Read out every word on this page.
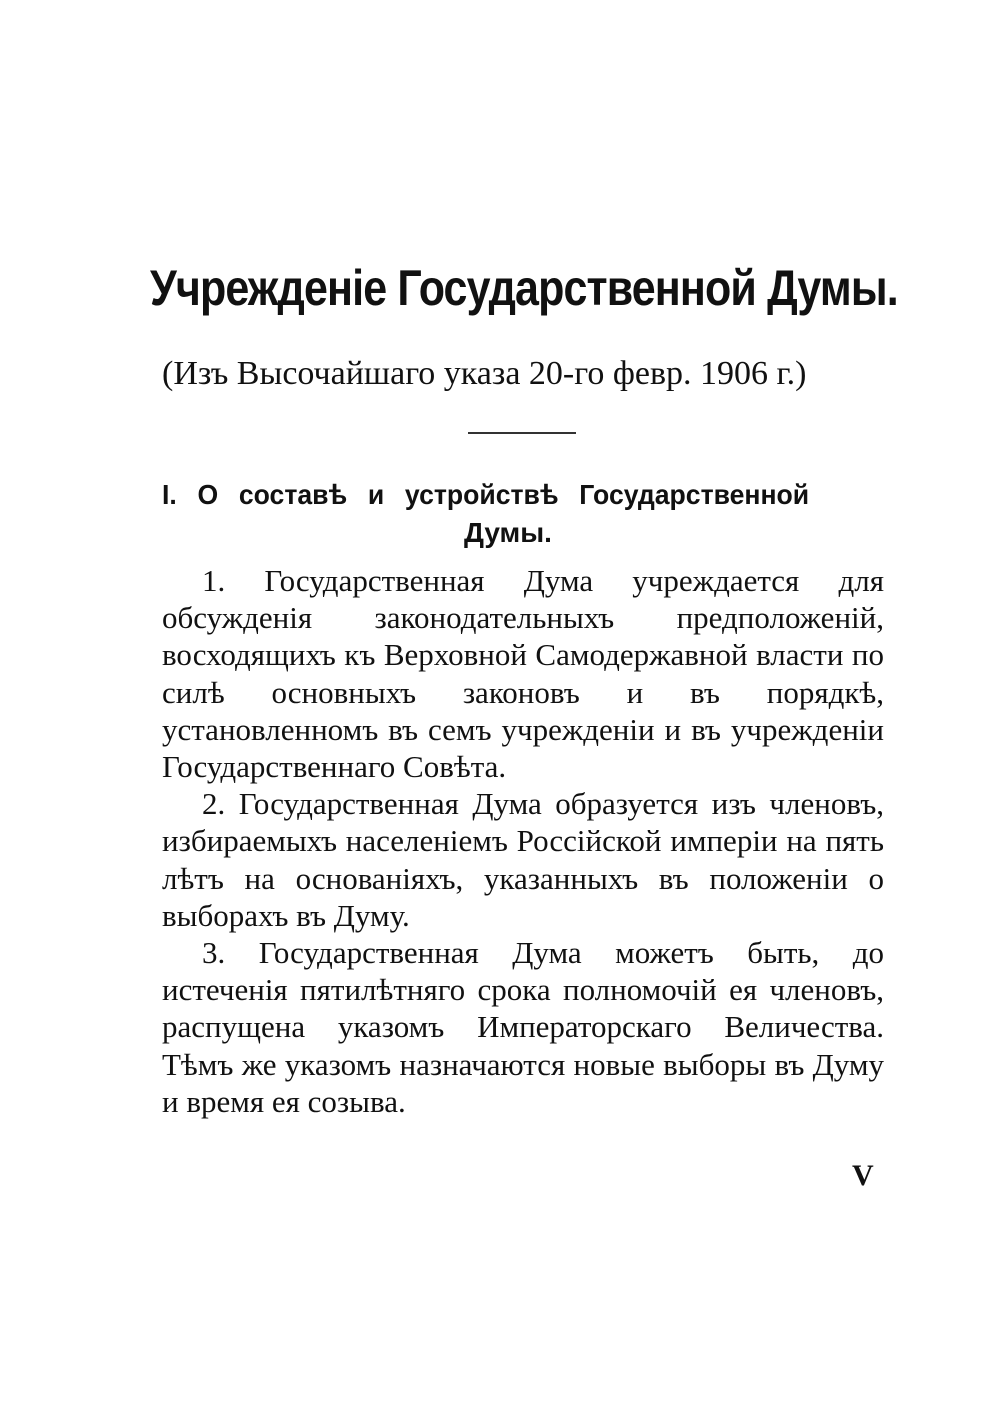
Учрежденіе Государственной Думы.
(Изъ Высочайшаго указа 20-го февр. 1906 г.)
I. О составѣ и устройствѣ Государственной
Думы.

1. Государственная Дума учреждается для обсужденія законодательныхъ предположеній, восходящихъ къ Верховной Самодержавной власти по силѣ основныхъ законовъ и въ порядкѣ, установленномъ въ семъ учрежденіи и въ учрежденіи Государственнаго Совѣта.

2. Государственная Дума образуется изъ членовъ, избираемыхъ населеніемъ Россійской имперіи на пять лѣтъ на основаніяхъ, указанныхъ въ положеніи о выборахъ въ Думу.

3. Государственная Дума можетъ быть, до истеченія пятилѣтняго срока полномочій ея членовъ, распущена указомъ Императорскаго Величества. Тѣмъ же указомъ назначаются новые выборы въ Думу и время ея созыва.

V
